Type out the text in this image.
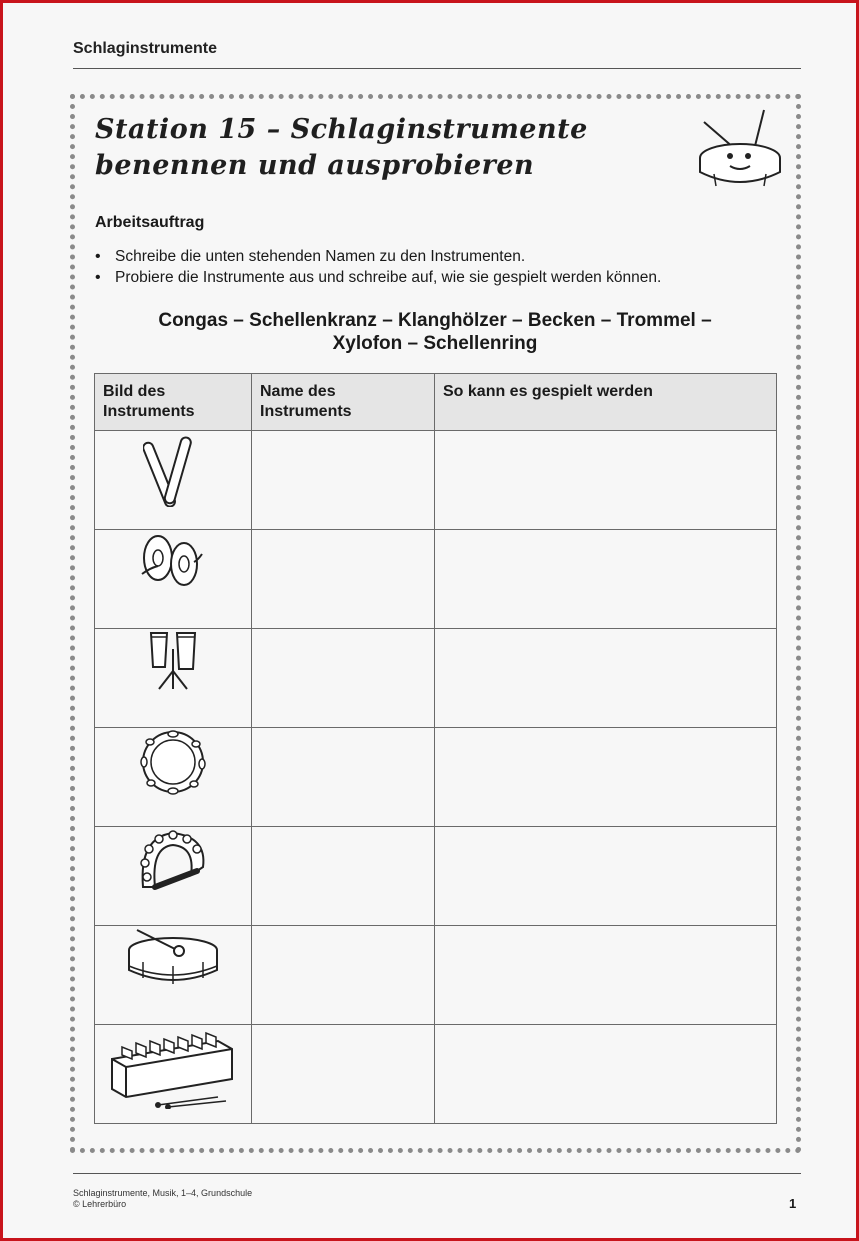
Schlaginstrumente
Station 15 – Schlaginstrumente
benennen und ausprobieren
Arbeitsauftrag
• Schreibe die unten stehenden Namen zu den Instrumenten.
• Probiere die Instrumente aus und schreibe auf, wie sie gespielt werden können.
Congas – Schellenkranz – Klanghölzer – Becken – Trommel –
Xylofon – Schellenring
Bild des Instruments	Name des Instruments	So kann es gespielt werden

Schlaginstrumente, Musik, 1–4, Grundschule
© Lehrerbüro	1
